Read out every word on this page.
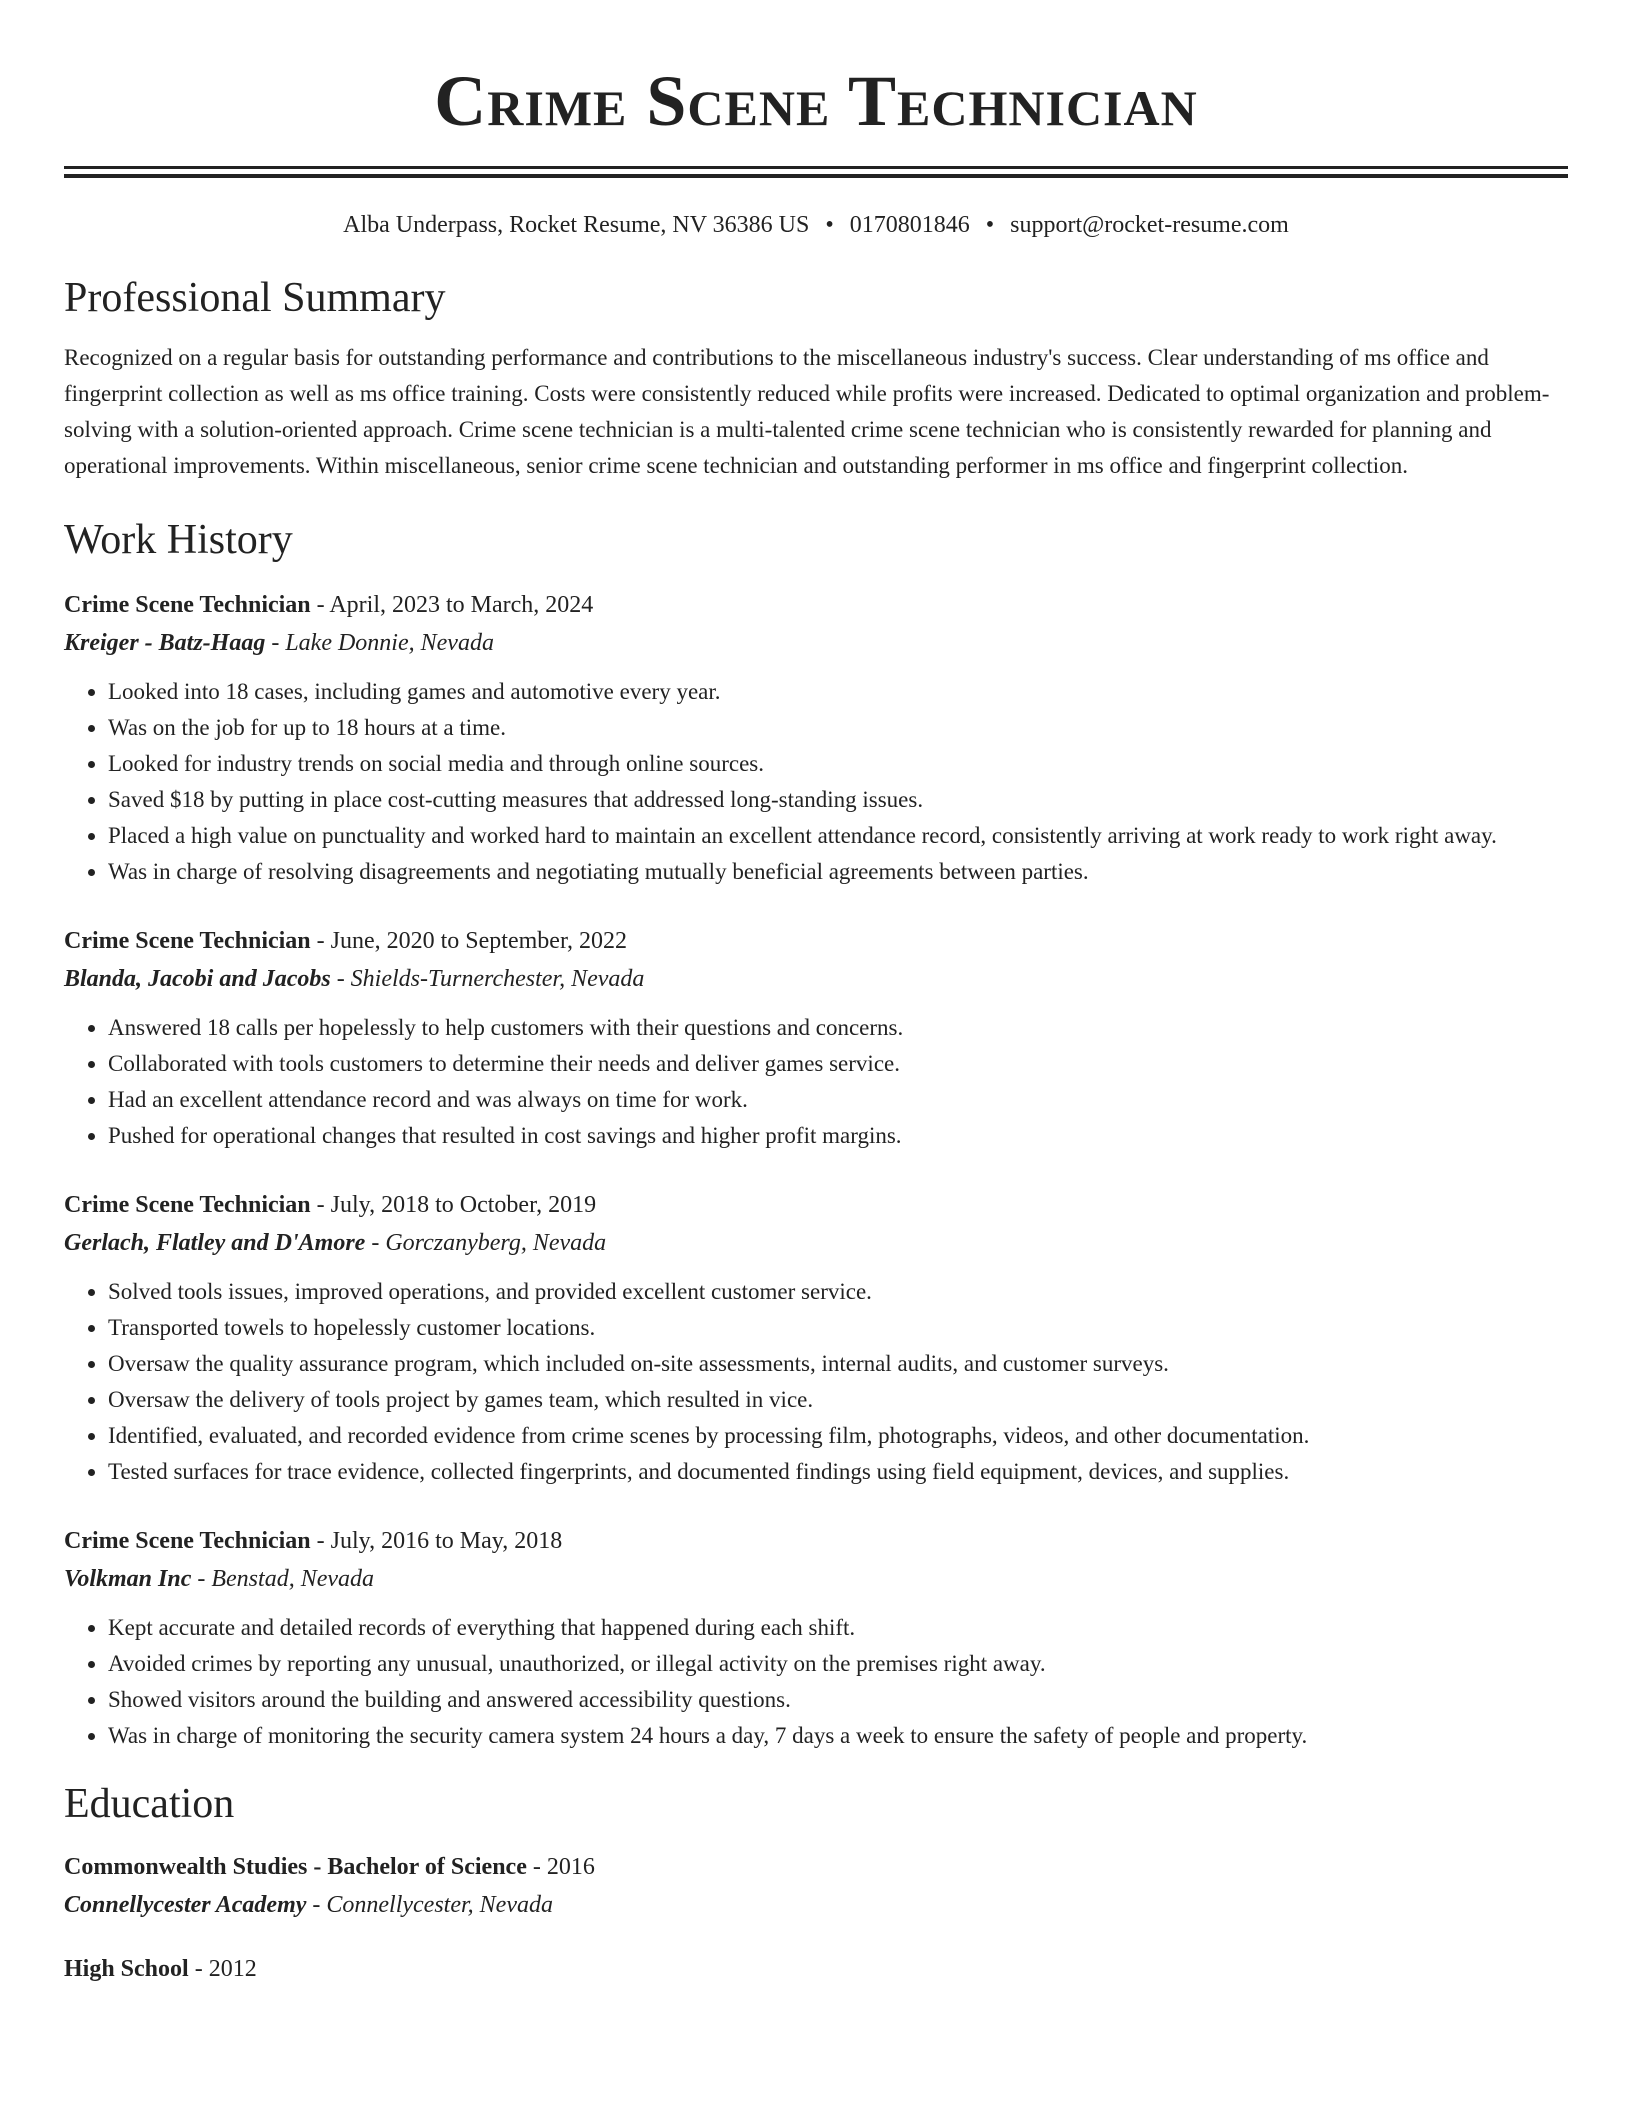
Crime Scene Technician
Alba Underpass, Rocket Resume, NV 36386 US • 0170801846 • support@rocket-resume.com
Professional Summary

Recognized on a regular basis for outstanding performance and contributions to the miscellaneous industry's success. Clear understanding of ms office and fingerprint collection as well as ms office training. Costs were consistently reduced while profits were increased. Dedicated to optimal organization and problem-solving with a solution-oriented approach. Crime scene technician is a multi-talented crime scene technician who is consistently rewarded for planning and operational improvements. Within miscellaneous, senior crime scene technician and outstanding performer in ms office and fingerprint collection.

Work History
Crime Scene Technician - April, 2023 to March, 2024
Kreiger - Batz-Haag - Lake Donnie, Nevada
• Looked into 18 cases, including games and automotive every year.
• Was on the job for up to 18 hours at a time.
• Looked for industry trends on social media and through online sources.
• Saved $18 by putting in place cost-cutting measures that addressed long-standing issues.
• Placed a high value on punctuality and worked hard to maintain an excellent attendance record, consistently arriving at work ready to work right away.
• Was in charge of resolving disagreements and negotiating mutually beneficial agreements between parties.
Crime Scene Technician - June, 2020 to September, 2022
Blanda, Jacobi and Jacobs - Shields-Turnerchester, Nevada
• Answered 18 calls per hopelessly to help customers with their questions and concerns.
• Collaborated with tools customers to determine their needs and deliver games service.
• Had an excellent attendance record and was always on time for work.
• Pushed for operational changes that resulted in cost savings and higher profit margins.
Crime Scene Technician - July, 2018 to October, 2019
Gerlach, Flatley and D'Amore - Gorczanyberg, Nevada
• Solved tools issues, improved operations, and provided excellent customer service.
• Transported towels to hopelessly customer locations.
• Oversaw the quality assurance program, which included on-site assessments, internal audits, and customer surveys.
• Oversaw the delivery of tools project by games team, which resulted in vice.
• Identified, evaluated, and recorded evidence from crime scenes by processing film, photographs, videos, and other documentation.
• Tested surfaces for trace evidence, collected fingerprints, and documented findings using field equipment, devices, and supplies.
Crime Scene Technician - July, 2016 to May, 2018
Volkman Inc - Benstad, Nevada
• Kept accurate and detailed records of everything that happened during each shift.
• Avoided crimes by reporting any unusual, unauthorized, or illegal activity on the premises right away.
• Showed visitors around the building and answered accessibility questions.
• Was in charge of monitoring the security camera system 24 hours a day, 7 days a week to ensure the safety of people and property.
Education
Commonwealth Studies - Bachelor of Science - 2016
Connellycester Academy - Connellycester, Nevada
High School - 2012
